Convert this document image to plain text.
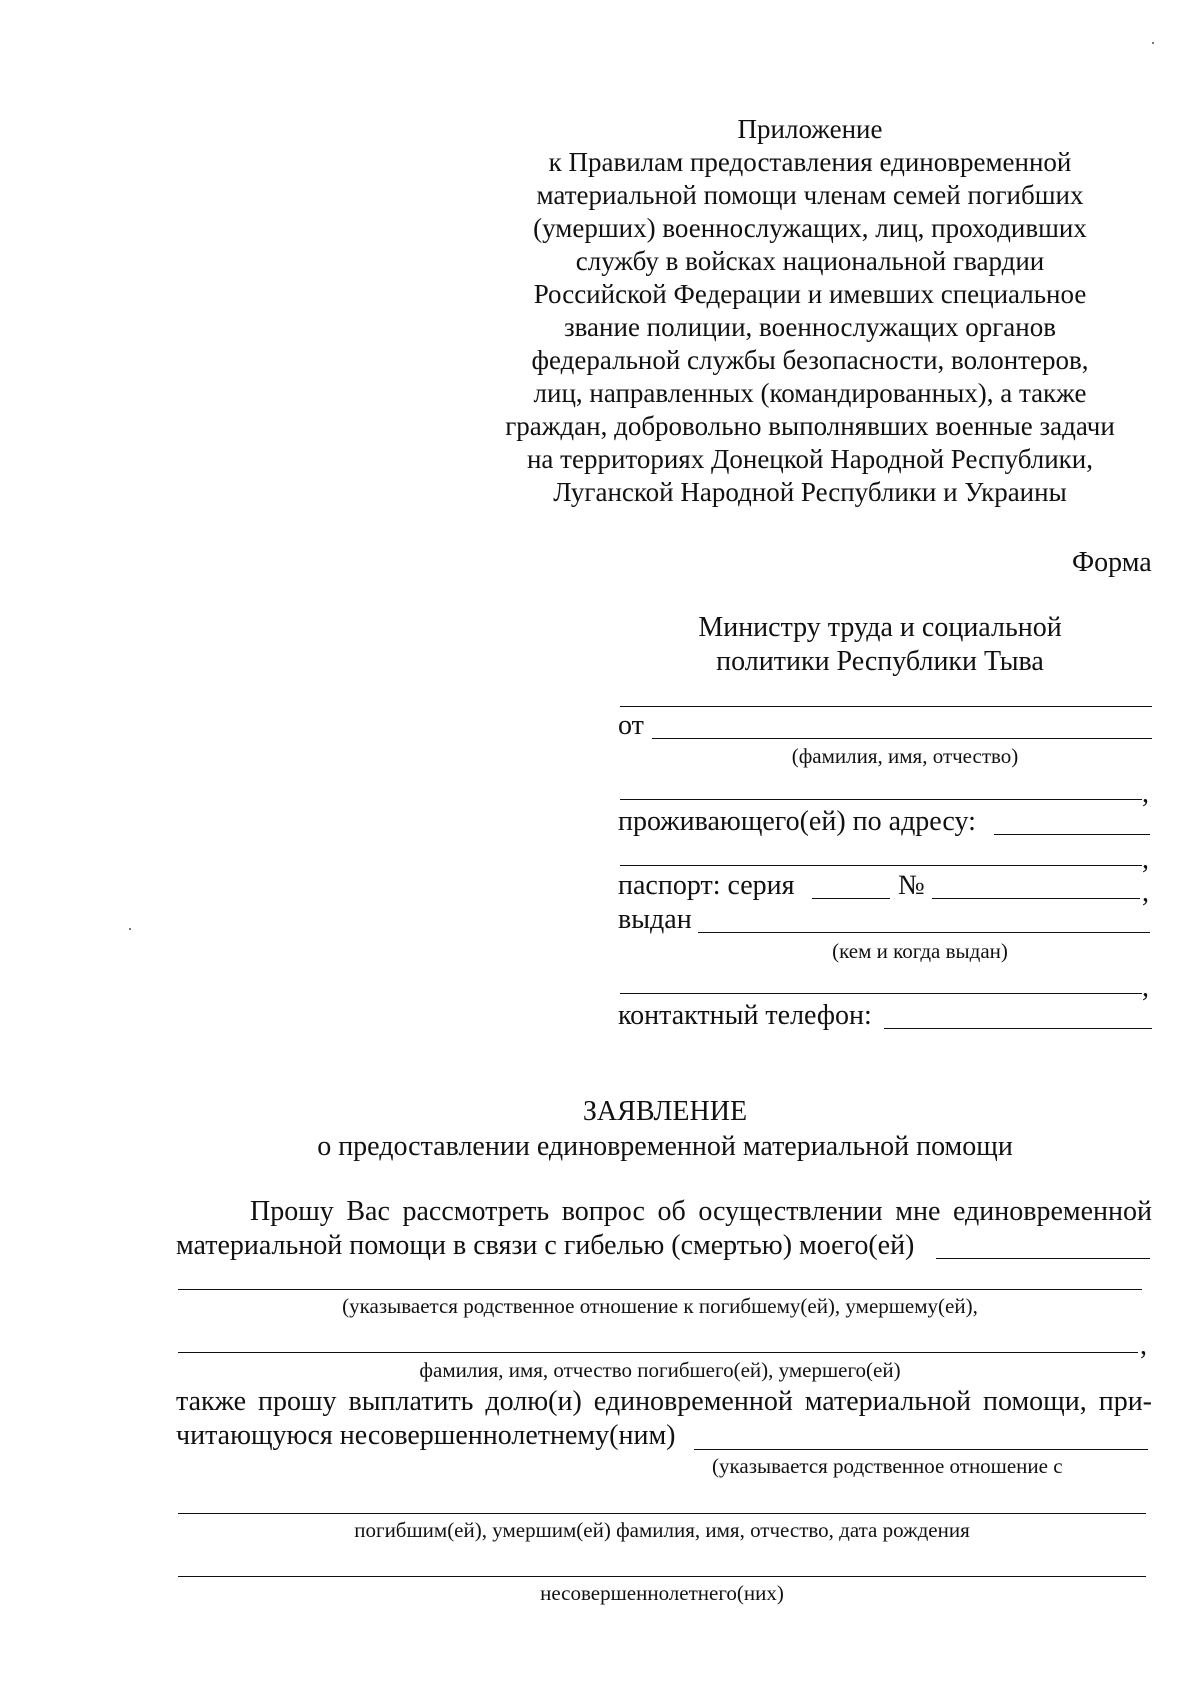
Приложение
к Правилам предоставления единовременной
материальной помощи членам семей погибших
(умерших) военнослужащих, лиц, проходивших
службу в войсках национальной гвардии
Российской Федерации и имевших специальное
звание полиции, военнослужащих органов
федеральной службы безопасности, волонтеров,
лиц, направленных (командированных), а также
граждан, добровольно выполнявших военные задачи
на территориях Донецкой Народной Республики,
Луганской Народной Республики и Украины
Форма
Министру труда и социальной
политики Республики Тыва
от
(фамилия, имя, отчество)
,
проживающего(ей) по адресу:
,
паспорт: серия	№	,
выдан
(кем и когда выдан)
,
контактный телефон:
ЗАЯВЛЕНИЕ
о предоставлении единовременной материальной помощи
Прошу Вас рассмотреть вопрос об осуществлении мне единовременной
материальной помощи в связи с гибелью (смертью) моего(ей)
(указывается родственное отношение к погибшему(ей), умершему(ей),
,
фамилия, имя, отчество погибшего(ей), умершего(ей)
также прошу выплатить долю(и) единовременной материальной помощи, при-
читающуюся несовершеннолетнему(ним)
(указывается родственное отношение с
погибшим(ей), умершим(ей) фамилия, имя, отчество, дата рождения
несовершеннолетнего(них)
